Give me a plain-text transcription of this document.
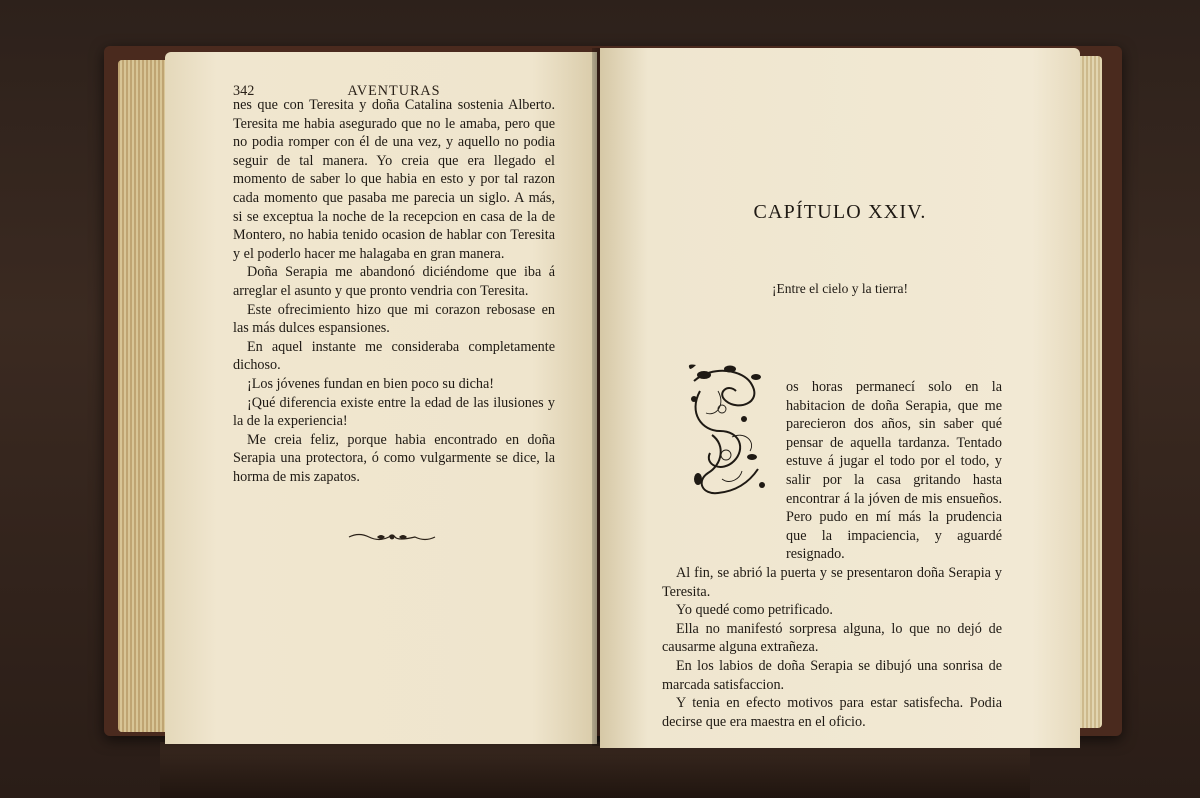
342	AVENTURAS

nes que con Teresita y doña Catalina sostenia Alberto. Teresita me habia asegurado que no le amaba, pero que no podia romper con él de una vez, y aquello no podia seguir de tal manera. Yo creia que era llegado el momento de saber lo que habia en esto y por tal razon cada momento que pasaba me parecia un siglo. A más, si se exceptua la noche de la recepcion en casa de la de Montero, no habia tenido ocasion de hablar con Teresita y el poderlo hacer me halagaba en gran manera.

Doña Serapia me abandonó diciéndome que iba á arreglar el asunto y que pronto vendria con Teresita.

Este ofrecimiento hizo que mi corazon rebosase en las más dulces espansiones.

En aquel instante me consideraba completamente dichoso.

¡Los jóvenes fundan en bien poco su dicha!

¡Qué diferencia existe entre la edad de las ilusiones y la de la experiencia!

Me creia feliz, porque habia encontrado en doña Serapia una protectora, ó como vulgarmente se dice, la horma de mis zapatos.

CAPÍTULO XXIV.
¡Entre el cielo y la tierra!

os horas permanecí solo en la habitacion de doña Serapia, que me parecieron dos años, sin saber qué pensar de aquella tardanza. Tentado estuve á jugar el todo por el todo, y salir por la casa gritando hasta encontrar á la jóven de mis ensueños. Pero pudo en mí más la prudencia que la impaciencia, y aguardé resignado.

Al fin, se abrió la puerta y se presentaron doña Serapia y Teresita.

Yo quedé como petrificado.

Ella no manifestó sorpresa alguna, lo que no dejó de causarme alguna extrañeza.

En los labios de doña Serapia se dibujó una sonrisa de marcada satisfaccion.

Y tenia en efecto motivos para estar satisfecha. Podia decirse que era maestra en el oficio.
